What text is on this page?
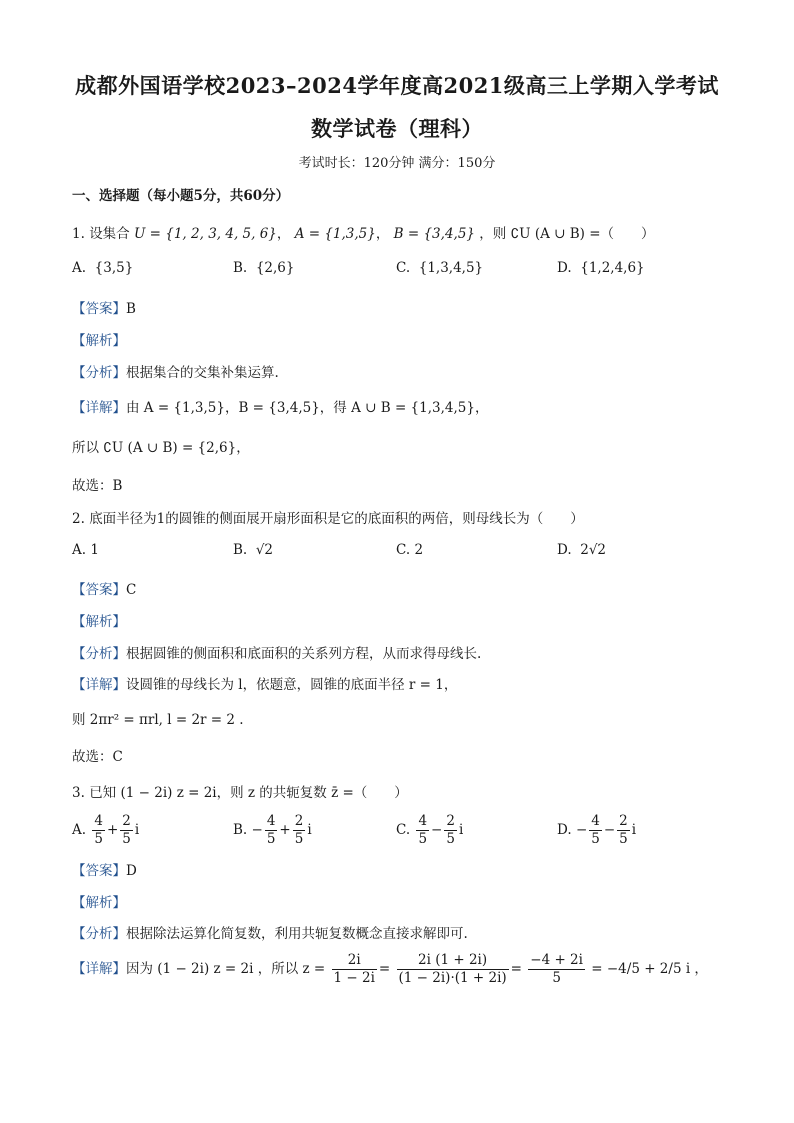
成都外国语学校2023–2024学年度高2021级高三上学期入学考试
数学试卷（理科）
考试时长：120分钟 满分：150分
一、选择题（每小题5分，共60分）
1. 设集合 U = {1, 2, 3, 4, 5, 6}， A = {1,3,5}， B = {3,4,5} ，则 ∁U (A ∪ B) =（　　）
A. {3,5}	B. {2,6}	C. {1,3,4,5}	D. {1,2,4,6}
【答案】B
【解析】
【分析】根据集合的交集补集运算.
【详解】由 A = {1,3,5}，B = {3,4,5}，得 A ∪ B = {1,3,4,5}，
所以 ∁U (A ∪ B) = {2,6}，
故选：B
2. 底面半径为1的圆锥的侧面展开扇形面积是它的底面积的两倍，则母线长为（　　）
A. 1	B. √2	C. 2	D. 2√2
【答案】C
【解析】
【分析】根据圆锥的侧面积和底面积的关系列方程，从而求得母线长.
【详解】设圆锥的母线长为 l，依题意，圆锥的底面半径 r = 1，
则 2πr² = πrl, l = 2r = 2 .
故选：C
3. 已知 (1 − 2i) z = 2i，则 z 的共轭复数 z̄ =（　　）
A. $\frac{4}{5} + \frac{2}{5}$ i	B. − $\frac{4}{5} + \frac{2}{5}$ i	C. $\frac{4}{5} - \frac{2}{5}$ i	D. − $\frac{4}{5} - \frac{2}{5}$ i
【答案】D
【解析】
【分析】根据除法运算化简复数，利用共轭复数概念直接求解即可.
【详解】因为 (1 − 2i) z = 2i ，所以 $z = \frac{2i}{1 - 2i} = \frac{2i (1 + 2i)}{(1 - 2i)\cdot(1 + 2i)} = \frac{-4 + 2i}{5} = -4/5 + 2/5$ i ，
